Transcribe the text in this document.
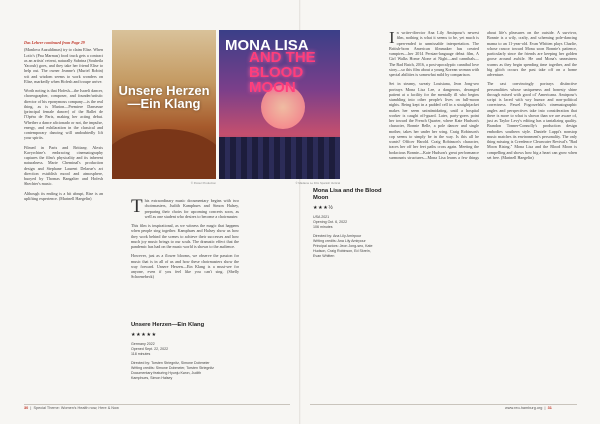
Das Lehrer continued from Page 29

(Manlova Auzuldimas) try to claim Elise. When Lotic's (Pau Marmas) food truck gets a contract as an artists' retreat, naturally Sabrina (Souheila Yacoub) goes, and they take her friend Elise to help out. The owner Jeanne's (Muriel Robin) wit and wisdom seems to work wonders on Elise, markedly when Hofesh and troupe arrive.

Worth noting is that Hofesh—the Israeli dancer, choreographer, composer, and founder/artistic director of his eponymous company—is the real thing, as is Marion—Premiere Danseuse (principal female dancer) of the Ballet de l'Opéra de Paris, making her acting debut. Whether a dance aficionado or not, the impulse, energy, and exhilaration in the classical and contemporary dancing will undoubtedly lift your spirits.

Filmed in Paris and Brittany, Alexis Kavyrchine's embracing cinematography captures the film's physicality and its inherent naturalness. Marie Cheminal's production design and Stephane Laurent Delarue's art direction establish mood and atmosphere, buoyed by Thomas Bangalter and Hofesh Shechter's music.

Although its ending is a bit abrupt, Rise is an uplifting experience. (Marinell Haegelin)

Unsere Herzen—Ein Klang
© Poster Production
MONA LISA
AND THE BLOOD MOON
© Madame Le Film Spanish Vertical
T his extraordinary music documentary begins with two choirmasters, Judith Kamphues and Simon Halsey, preparing their choirs for upcoming concerts soon, as well as one student who desires to become a choirmaster.

This film is inspirational, as we witness the magic that happens when people sing together. Kamphues and Halsey show us how they work behind the scenes to achieve their successes and how much joy music brings to our souls. The dramatic effect that the pandemic has had on the music world is shown to the audience.

However, just as a flower blooms, we observe the passion for music that is in all of us and how these choirmasters show the way forward. Unsere Herzen—Ein Klang is a must-see for anyone, even if you feel like you can't sing. (Shelly Schoenebeck)

Unsere Herzen—Ein Klang
★★★★★
Germany 2022
Opened Sept. 22, 2022
118 minutes
Directed by: Torsten Striegnitz, Simone Dobmeier
Writing credits: Simone Dobmeier, Torsten Striegnitz
Documentary featuring Hyunju Kwon, Judith
Kamphues, Simon Halsey
Mona Lisa and the Blood Moon
★★★½
USA 2021
Opening Oct. 6, 2022
106 minutes
Directed by: Ana Lily Amirpour
Writing credits: Ana Lily Amirpour
Principal actors: Jeon Jong-seo, Kate
Hudson, Craig Robinson, Ed Skrein,
Evan Whitten
I n writer-director Ana Lily Amirpour's newest film, nothing is what it seems to be, yet much is open-ended to unmissable interpretation. The British-born American filmmaker has created vampires—her 2014 Persian-language debut film, A Girl Walks Home Alone at Night—and cannibals—The Bad Batch, 2016, a post-apocalyptic cannibal love story—so this film about a young Korean woman with special abilities is somewhat mild by comparison.

Set in steamy, sweaty Louisiana, Jeon Jong-seo portrays Mona Lisa Lee, a dangerous, deranged patient at a facility for the mentally ill who begins stumbling into other people's lives on full-moon nights. Being kept in a padded cell in a straightjacket makes her seem unintimidating, until a hospital worker is caught off-guard. Later, party-goers point her toward the French Quarter, where Kate Hudson's character, Bonnie Belle, a pole dancer and single mother, takes her under her wing. Craig Robinson's cop seems to simply be in the way. Is this all he wants? Officer Harold. Craig Robinson's character, traces her off her feet paths cross again. Meeting the bodacious Bonnie—Kate Hudson's great performance surmounts structures—Mona Lisa learns a few things about life's pleasures on the outside. A survivor, Bonnie is a wily, crafty, and scheming pole-dancing mama to an 11-year-old. Evan Whitten plays Charlie, whose rancor toward Mona soon Bonnie's patience, particularly since the friends are keeping her golden goose around awhile. He and Mona's uneasiness warms as they begin spending time together, and the big glitch occurs the past take off on a home adventure.

The cast convincingly portrays distinctive personalities whose uniqueness and honesty shine through mixed with good ol' Americana. Amirpour's script is laced with wry humor and non-political correctness. Pawel Pogorzelski's cinematographic angles and perspectives take into consideration that there is more to what is shown than we are aware of, just as Taylor Levy's editing has a tantalizing quality. Brandon Tonner-Connolly's production design embodies southern style. Daniele Luppi's nonstop music matches its environment's personality. The only thing missing is Creedence Clearwater Revival's "Bad Moon Rising." Mona Lisa and the Blood Moon is compelling and shows how big a heart can grow when set free. (Marinell Haegelin)

30  |  Special Theme: Women's Health now, Here & Now	www.reo-hamburg.org  |  31
